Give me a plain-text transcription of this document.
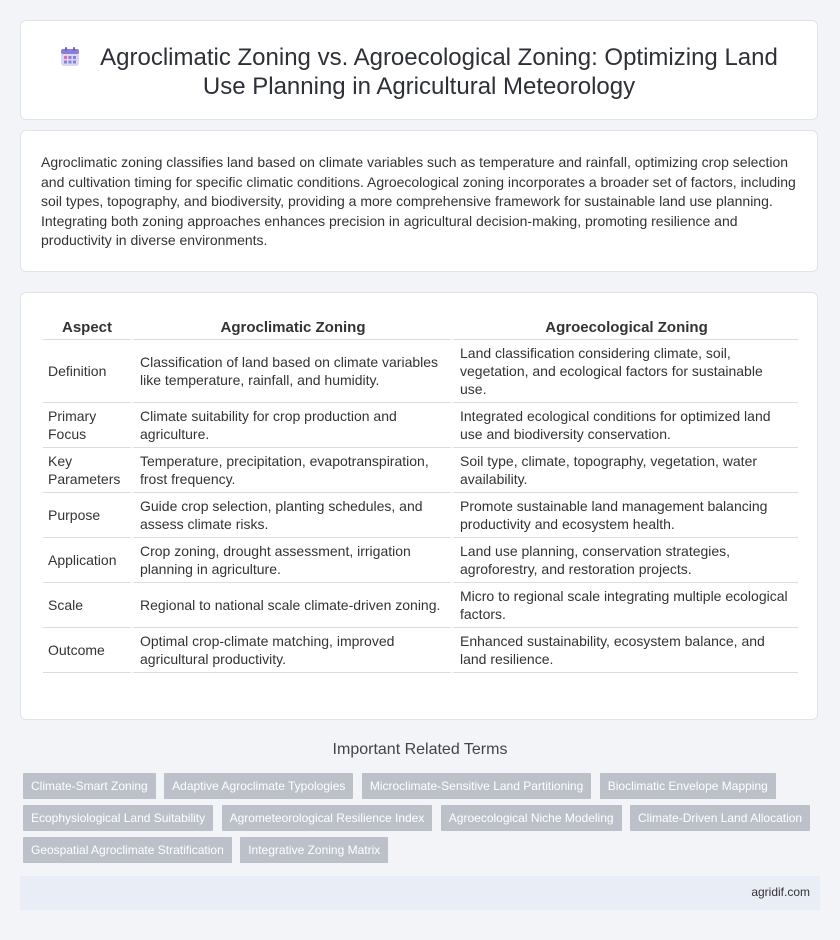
Agroclimatic Zoning vs. Agroecological Zoning: Optimizing Land Use Planning in Agricultural Meteorology

Agroclimatic zoning classifies land based on climate variables such as temperature and rainfall, optimizing crop selection and cultivation timing for specific climatic conditions. Agroecological zoning incorporates a broader set of factors, including soil types, topography, and biodiversity, providing a more comprehensive framework for sustainable land use planning. Integrating both zoning approaches enhances precision in agricultural decision-making, promoting resilience and productivity in diverse environments.

Aspect	Agroclimatic Zoning	Agroecological Zoning
Definition	Classification of land based on climate variables like temperature, rainfall, and humidity.	Land classification considering climate, soil, vegetation, and ecological factors for sustainable use.
Primary Focus	Climate suitability for crop production and agriculture.	Integrated ecological conditions for optimized land use and biodiversity conservation.
Key Parameters	Temperature, precipitation, evapotranspiration, frost frequency.	Soil type, climate, topography, vegetation, water availability.
Purpose	Guide crop selection, planting schedules, and assess climate risks.	Promote sustainable land management balancing productivity and ecosystem health.
Application	Crop zoning, drought assessment, irrigation planning in agriculture.	Land use planning, conservation strategies, agroforestry, and restoration projects.
Scale	Regional to national scale climate-driven zoning.	Micro to regional scale integrating multiple ecological factors.
Outcome	Optimal crop-climate matching, improved agricultural productivity.	Enhanced sustainability, ecosystem balance, and land resilience.
Important Related Terms
Climate-Smart Zoning Adaptive Agroclimate Typologies Microclimate-Sensitive Land Partitioning Bioclimatic Envelope Mapping Ecophysiological Land Suitability Agrometeorological Resilience Index Agroecological Niche Modeling Climate-Driven Land Allocation Geospatial Agroclimate Stratification Integrative Zoning Matrix
agridif.com
